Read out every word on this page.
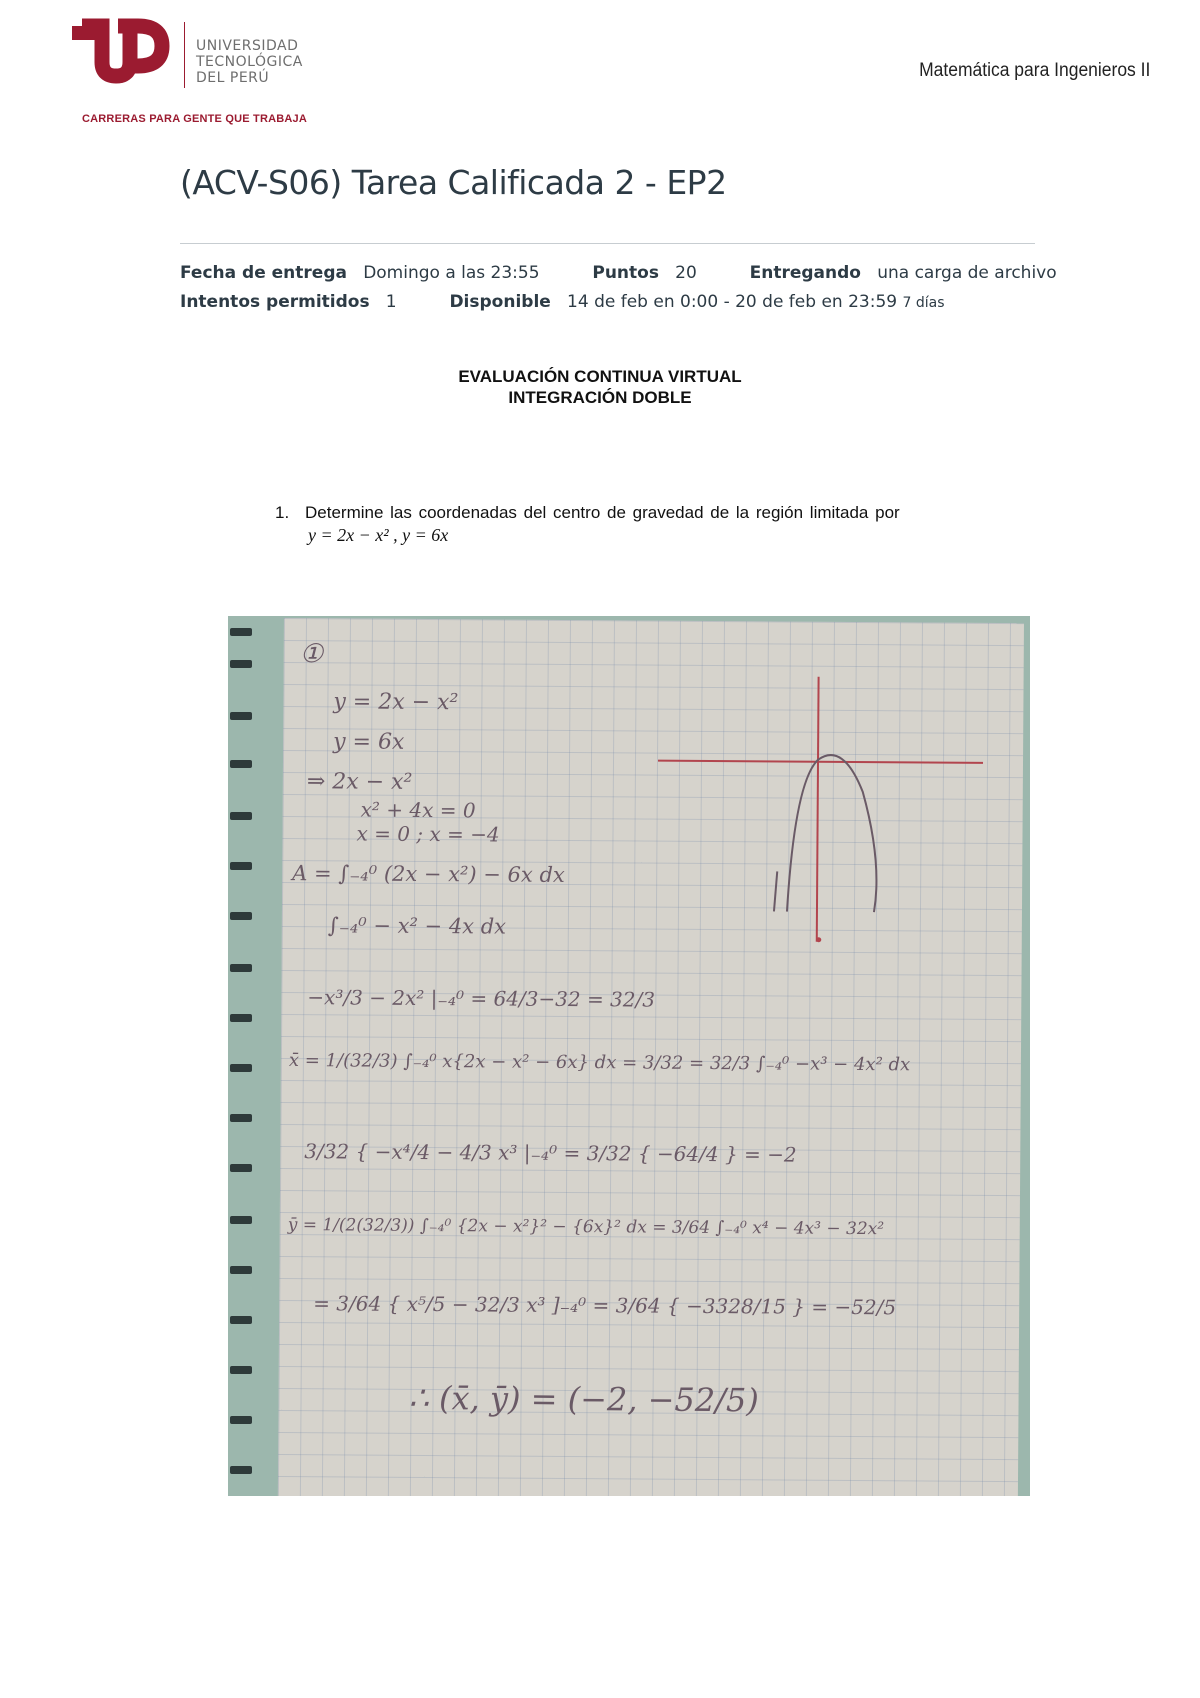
UNIVERSIDAD
TECNOLÓGICA
DEL PERÚ
CARRERAS PARA GENTE QUE TRABAJA
Matemática para Ingenieros II
(ACV-S06) Tarea Calificada 2 - EP2
Fecha de entrega Domingo a las 23:55	Puntos 20	Entregando una carga de archivo
Intentos permitidos 1	Disponible 14 de feb en 0:00 - 20 de feb en 23:59 7 días
EVALUACIÓN CONTINUA VIRTUAL
INTEGRACIÓN DOBLE
1. Determine las coordenadas del centro de gravedad de la región limitada por
y = 2x − x² , y = 6x
①
y = 2x − x²
y = 6x
⇒ 2x − x²
x² + 4x = 0
x = 0 ; x = −4
A = ∫₋₄⁰ (2x − x²) − 6x dx
∫₋₄⁰ − x² − 4x dx
−x³/3 − 2x² |₋₄⁰ = 64/3−32 = 32/3
x̄ = 1/(32/3) ∫₋₄⁰ x{2x − x² − 6x} dx = 3/32 = 32/3 ∫₋₄⁰ −x³ − 4x² dx
3/32 { −x⁴/4 − 4/3 x³ |₋₄⁰ = 3/32 { −64/4 } = −2
ȳ = 1/(2(32/3)) ∫₋₄⁰ {2x − x²}² − {6x}² dx = 3/64 ∫₋₄⁰ x⁴ − 4x³ − 32x²
= 3/64 { x⁵/5 − 32/3 x³ ]₋₄⁰ = 3/64 { −3328/15 } = −52/5
∴ (x̄, ȳ) = (−2, −52/5)
